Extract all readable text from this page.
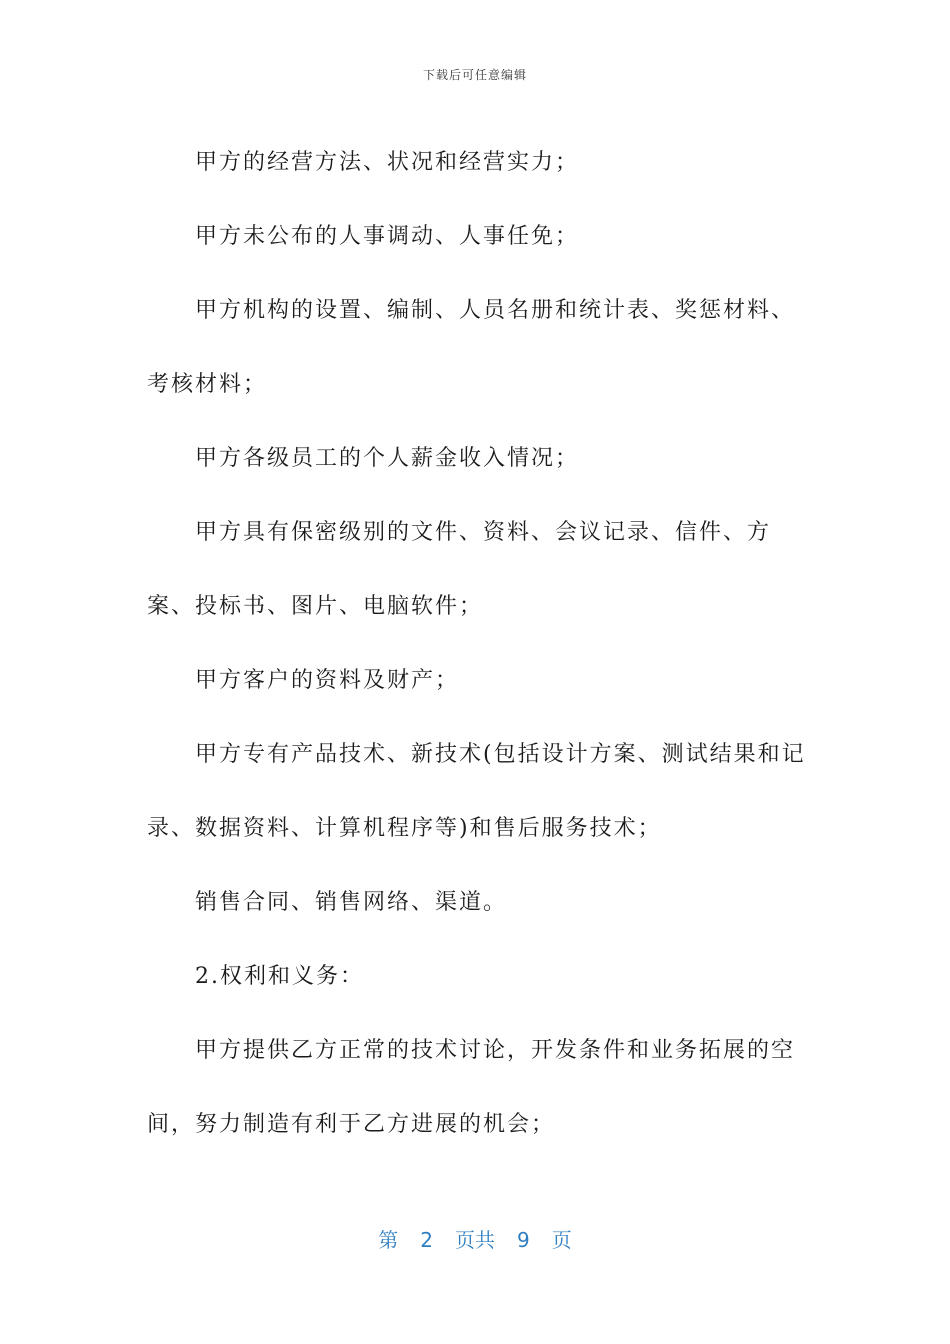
下载后可任意编辑

甲方的经营方法、状况和经营实力；

甲方未公布的人事调动、人事任免；

甲方机构的设置、编制、人员名册和统计表、奖惩材料、考核材料；

甲方各级员工的个人薪金收入情况；

甲方具有保密级别的文件、资料、会议记录、信件、方案、投标书、图片、电脑软件；

甲方客户的资料及财产；

甲方专有产品技术、新技术(包括设计方案、测试结果和记录、数据资料、计算机程序等)和售后服务技术；

销售合同、销售网络、渠道。

2.权利和义务：

甲方提供乙方正常的技术讨论，开发条件和业务拓展的空间，努力制造有利于乙方进展的机会；

第 2 页共 9 页
